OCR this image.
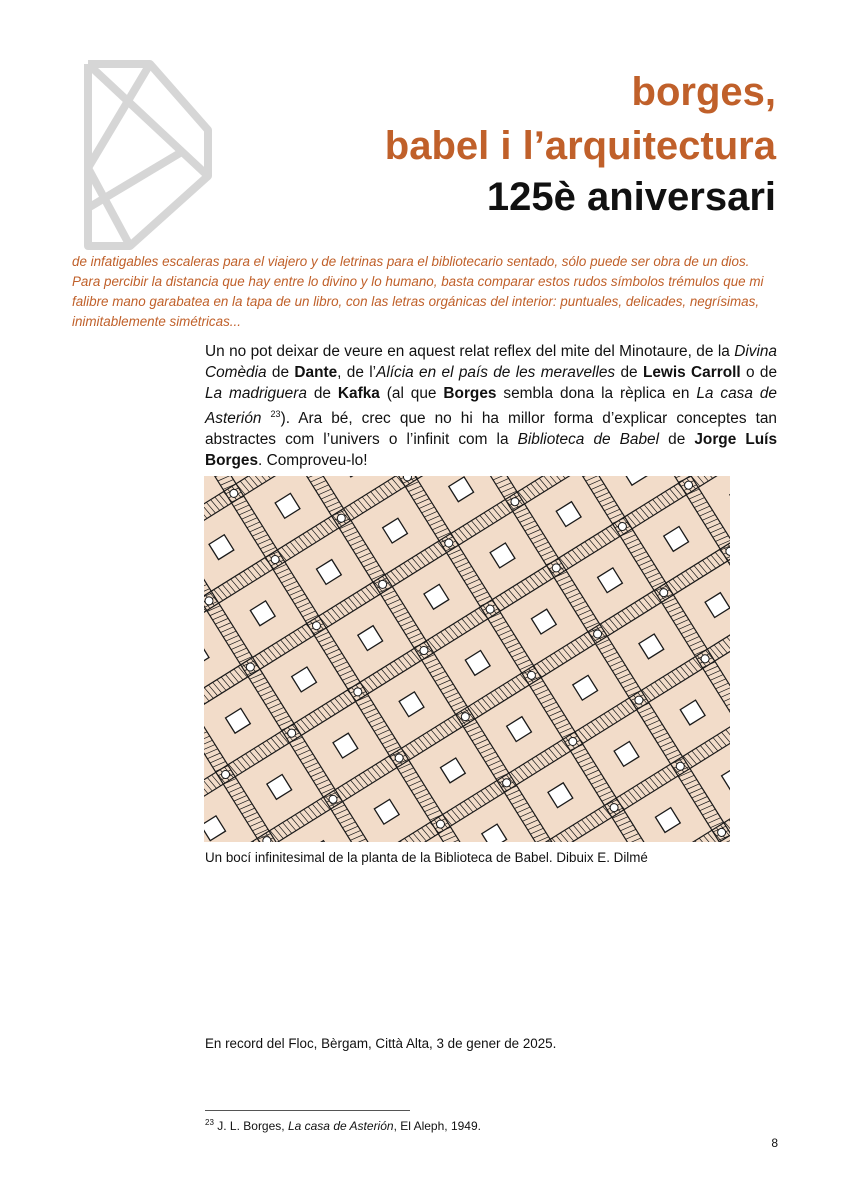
borges,
babel i l’arquitectura
125è aniversari
de infatigables escaleras para el viajero y de letrinas para el bibliotecario sentado, sólo puede ser obra de un dios. Para percibir la distancia que hay entre lo divino y lo humano, basta comparar estos rudos símbolos trémulos que mi falibre mano garabatea en la tapa de un libro, con las letras orgánicas del interior: puntuales, delicades, negrísimas, inimitablemente simétricas...
Un no pot deixar de veure en aquest relat reflex del mite del Minotaure, de la Divina Comèdia de Dante, de l’Alícia en el país de les meravelles de Lewis Carroll o de La madriguera de Kafka (al que Borges sembla dona la rèplica en La casa de Asterión $^{23}$). Ara bé, crec que no hi ha millor forma d’explicar conceptes tan abstractes com l’univers o l’infinit com la Biblioteca de Babel de Jorge Luís Borges. Comproveu-lo!
Un bocí infinitesimal de la planta de la Biblioteca de Babel. Dibuix E. Dilmé
En record del Floc, Bèrgam, Città Alta, 3 de gener de 2025.
$^{23}$ J. L. Borges, La casa de Asterión, El Aleph, 1949.
8
